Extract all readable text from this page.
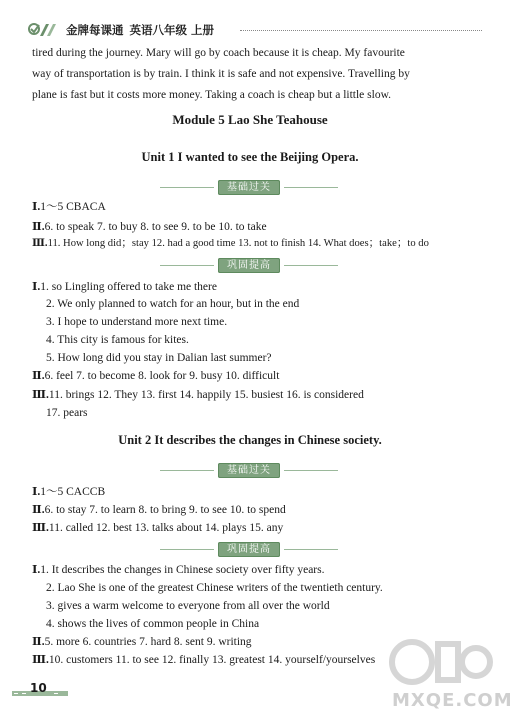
金牌每课通 英语八年级 上册
tired during the journey. Mary will go by coach because it is cheap. My favourite
way of transportation is by train. I think it is safe and not expensive. Travelling by
plane is fast but it costs more money. Taking a coach is cheap but a little slow.
Module 5 Lao She Teahouse
Unit 1 I wanted to see the Beijing Opera.
基础过关
Ⅰ.1～5 CBACA
Ⅱ.6. to speak 7. to buy 8. to see 9. to be 10. to take
Ⅲ.11. How long did；stay 12. had a good time 13. not to finish 14. What does；take；to do
巩固提高
Ⅰ.1. so Lingling offered to take me there
2. We only planned to watch for an hour, but in the end
3. I hope to understand more next time.
4. This city is famous for kites.
5. How long did you stay in Dalian last summer?
Ⅱ.6. feel 7. to become 8. look for 9. busy 10. difficult
Ⅲ.11. brings 12. They 13. first 14. happily 15. busiest 16. is considered
17. pears
Unit 2 It describes the changes in Chinese society.
基础过关
Ⅰ.1～5 CACCB
Ⅱ.6. to stay 7. to learn 8. to bring 9. to see 10. to spend
Ⅲ.11. called 12. best 13. talks about 14. plays 15. any
巩固提高
Ⅰ.1. It describes the changes in Chinese society over fifty years.
2. Lao She is one of the greatest Chinese writers of the twentieth century.
3. gives a warm welcome to everyone from all over the world
4. shows the lives of common people in China
Ⅱ.5. more 6. countries 7. hard 8. sent 9. writing
Ⅲ.10. customers 11. to see 12. finally 13. greatest 14. yourself/yourselves
10
MXQE.COM
